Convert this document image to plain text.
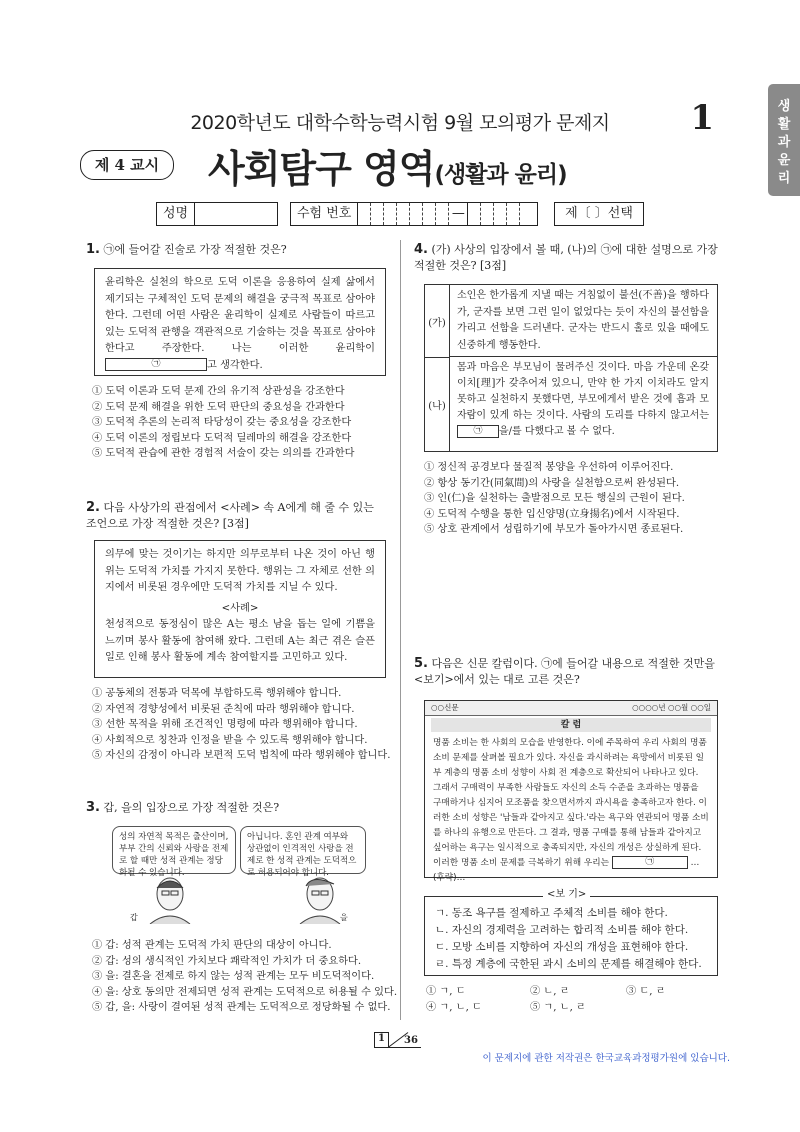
2020학년도 대학수학능력시험 9월 모의평가 문제지	1	생
활
과
윤
리
제 4 교시	사회탐구 영역(생활과 윤리)
성명	수험 번호	—	제〔 〕선택
1. ㉠에 들어갈 진술로 가장 적절한 것은?
윤리학은 실천의 학으로 도덕 이론을 응용하여 실제 삶에서 제기되는 구체적인 도덕 문제의 해결을 궁극적 목표로 삼아야 한다. 그런데 어떤 사람은 윤리학이 실제로 사람들이 따르고 있는 도덕적 관행을 객관적으로 기술하는 것을 목표로 삼아야 한다고 주장한다. 나는 이러한 윤리학이 ㉠	고 생각한다.
① 도덕 이론과 도덕 문제 간의 유기적 상관성을 강조한다
② 도덕 문제 해결을 위한 도덕 판단의 중요성을 간과한다
③ 도덕적 추론의 논리적 타당성이 갖는 중요성을 강조한다
④ 도덕 이론의 정립보다 도덕적 딜레마의 해결을 강조한다
⑤ 도덕적 관습에 관한 경험적 서술이 갖는 의의를 간과한다
2. 다음 사상가의 관점에서 <사례> 속 A에게 해 줄 수 있는 조언으로 가장 적절한 것은? [3점]
의무에 맞는 것이기는 하지만 의무로부터 나온 것이 아닌 행위는 도덕적 가치를 가지지 못한다. 행위는 그 자체로 선한 의지에서 비롯된 경우에만 도덕적 가치를 지닐 수 있다.
<사례>
천성적으로 동정심이 많은 A는 평소 남을 돕는 일에 기쁨을 느끼며 봉사 활동에 참여해 왔다. 그런데 A는 최근 겪은 슬픈 일로 인해 봉사 활동에 계속 참여할지를 고민하고 있다.
① 공동체의 전통과 덕목에 부합하도록 행위해야 합니다.
② 자연적 경향성에서 비롯된 준칙에 따라 행위해야 합니다.
③ 선한 목적을 위해 조건적인 명령에 따라 행위해야 합니다.
④ 사회적으로 칭찬과 인정을 받을 수 있도록 행위해야 합니다.
⑤ 자신의 감정이 아니라 보편적 도덕 법칙에 따라 행위해야 합니다.
3. 갑, 을의 입장으로 가장 적절한 것은?
성의 자연적 목적은 출산이며, 부부 간의 신뢰와 사랑을 전제로 할 때만 성적 관계는 정당화될 수 있습니다.
아닙니다. 혼인 관계 여부와 상관없이 인격적인 사랑을 전제로 한 성적 관계는 도덕적으로 허용되어야 합니다.
갑	을
① 갑: 성적 관계는 도덕적 가치 판단의 대상이 아니다.
② 갑: 성의 생식적인 가치보다 쾌락적인 가치가 더 중요하다.
③ 을: 결혼을 전제로 하지 않는 성적 관계는 모두 비도덕적이다.
④ 을: 상호 동의만 전제되면 성적 관계는 도덕적으로 허용될 수 있다.
⑤ 갑, 을: 사랑이 결여된 성적 관계는 도덕적으로 정당화될 수 없다.
4. (가) 사상의 입장에서 볼 때, (나)의 ㉠에 대한 설명으로 가장 적절한 것은? [3점]
(가)
소인은 한가롭게 지낼 때는 거침없이 불선(不善)을 행하다가, 군자를 보면 그런 일이 없었다는 듯이 자신의 불선함을 가리고 선함을 드러낸다. 군자는 반드시 홀로 있을 때에도 신중하게 행동한다.
(나)
몸과 마음은 부모님이 물려주신 것이다. 마음 가운데 온갖 이치[理]가 갖추어져 있으니, 만약 한 가지 이치라도 알지 못하고 실천하지 못했다면, 부모에게서 받은 것에 흠과 모자람이 있게 하는 것이다. 사람의 도리를 다하지 않고서는 ㉠ 을/를 다했다고 볼 수 없다.
① 정신적 공경보다 물질적 봉양을 우선하여 이루어진다.
② 항상 동기간(同氣間)의 사랑을 실천함으로써 완성된다.
③ 인(仁)을 실천하는 출발점으로 모든 행실의 근원이 된다.
④ 도덕적 수행을 통한 입신양명(立身揚名)에서 시작된다.
⑤ 상호 관계에서 성립하기에 부모가 돌아가시면 종료된다.
5. 다음은 신문 칼럼이다. ㉠에 들어갈 내용으로 적절한 것만을 <보기>에서 있는 대로 고른 것은?
○○신문	○○○○년 ○○월 ○○일
칼 럼
명품 소비는 한 사회의 모습을 반영한다. 이에 주목하여 우리 사회의 명품 소비 문제를 살펴볼 필요가 있다. 자신을 과시하려는 욕망에서 비롯된 일부 계층의 명품 소비 성향이 사회 전 계층으로 확산되어 나타나고 있다. 그래서 구매력이 부족한 사람들도 자신의 소득 수준을 초과하는 명품을 구매하거나 심지어 모조품을 찾으면서까지 과시욕을 충족하고자 한다. 이러한 소비 성향은 '남들과 같아지고 싶다.'라는 욕구와 연관되어 명품 소비를 하나의 유행으로 만든다. 그 결과, 명품 구매를 통해 남들과 같아지고 싶어하는 욕구는 일시적으로 충족되지만, 자신의 개성은 상실하게 된다. 이러한 명품 소비 문제를 극복하기 위해 우리는	㉠	…(후략)…
<보 기>
ㄱ. 동조 욕구를 절제하고 주체적 소비를 해야 한다.
ㄴ. 자신의 경제력을 고려하는 합리적 소비를 해야 한다.
ㄷ. 모방 소비를 지향하여 자신의 개성을 표현해야 한다.
ㄹ. 특정 계층에 국한된 과시 소비의 문제를 해결해야 한다.
① ㄱ, ㄷ	② ㄴ, ㄹ	③ ㄷ, ㄹ
④ ㄱ, ㄴ, ㄷ	⑤ ㄱ, ㄴ, ㄹ
1 36
이 문제지에 관한 저작권은 한국교육과정평가원에 있습니다.
